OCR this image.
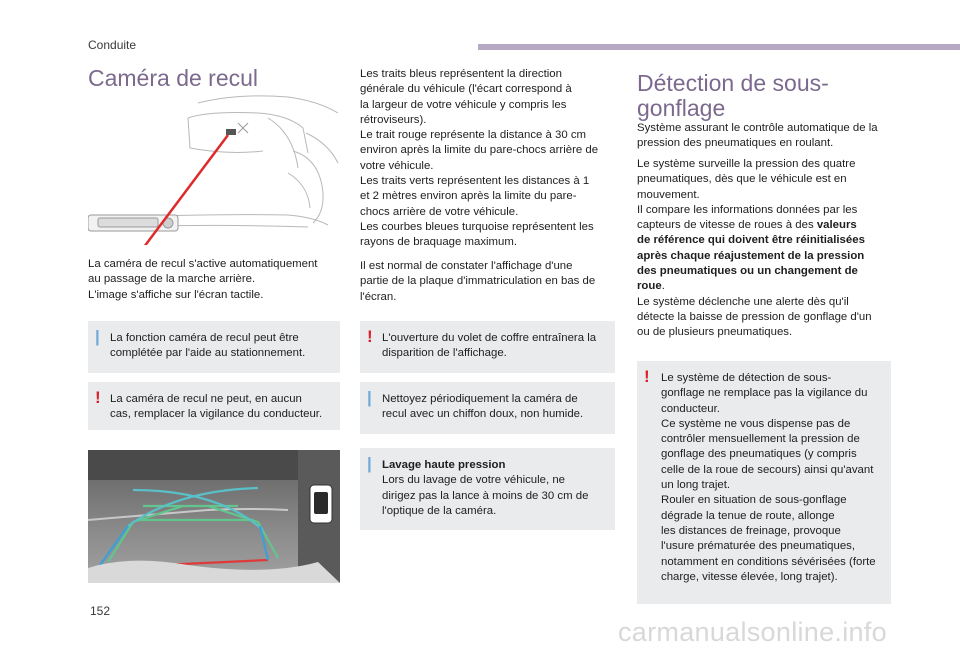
Conduite
Caméra de recul
La caméra de recul s'active automatiquement
au passage de la marche arrière.
L'image s'affiche sur l'écran tactile.
| La fonction caméra de recul peut être
complétée par l'aide au stationnement.
! La caméra de recul ne peut, en aucun
cas, remplacer la vigilance du conducteur.
Les traits bleus représentent la direction
générale du véhicule (l'écart correspond à
la largeur de votre véhicule y compris les
rétroviseurs).
Le trait rouge représente la distance à 30 cm
environ après la limite du pare-chocs arrière de
votre véhicule.
Les traits verts représentent les distances à 1
et 2 mètres environ après la limite du pare-
chocs arrière de votre véhicule.
Les courbes bleues turquoise représentent les
rayons de braquage maximum.
Il est normal de constater l'affichage d'une
partie de la plaque d'immatriculation en bas de
l'écran.
! L'ouverture du volet de coffre entraînera la
disparition de l'affichage.
| Nettoyez périodiquement la caméra de
recul avec un chiffon doux, non humide.
| Lavage haute pression
Lors du lavage de votre véhicule, ne
dirigez pas la lance à moins de 30 cm de
l'optique de la caméra.
Détection de sous-
gonflage
Système assurant le contrôle automatique de la
pression des pneumatiques en roulant.
Le système surveille la pression des quatre
pneumatiques, dès que le véhicule est en
mouvement.
Il compare les informations données par les
capteurs de vitesse de roues à des valeurs
de référence qui doivent être réinitialisées
après chaque réajustement de la pression
des pneumatiques ou un changement de
roue.
Le système déclenche une alerte dès qu'il
détecte la baisse de pression de gonflage d'un
ou de plusieurs pneumatiques.
! Le système de détection de sous-
gonflage ne remplace pas la vigilance du
conducteur.
Ce système ne vous dispense pas de
contrôler mensuellement la pression de
gonflage des pneumatiques (y compris
celle de la roue de secours) ainsi qu'avant
un long trajet.
Rouler en situation de sous-gonflage
dégrade la tenue de route, allonge
les distances de freinage, provoque
l'usure prématurée des pneumatiques,
notamment en conditions sévérisées (forte
charge, vitesse élevée, long trajet).
152
carmanualsonline.info
